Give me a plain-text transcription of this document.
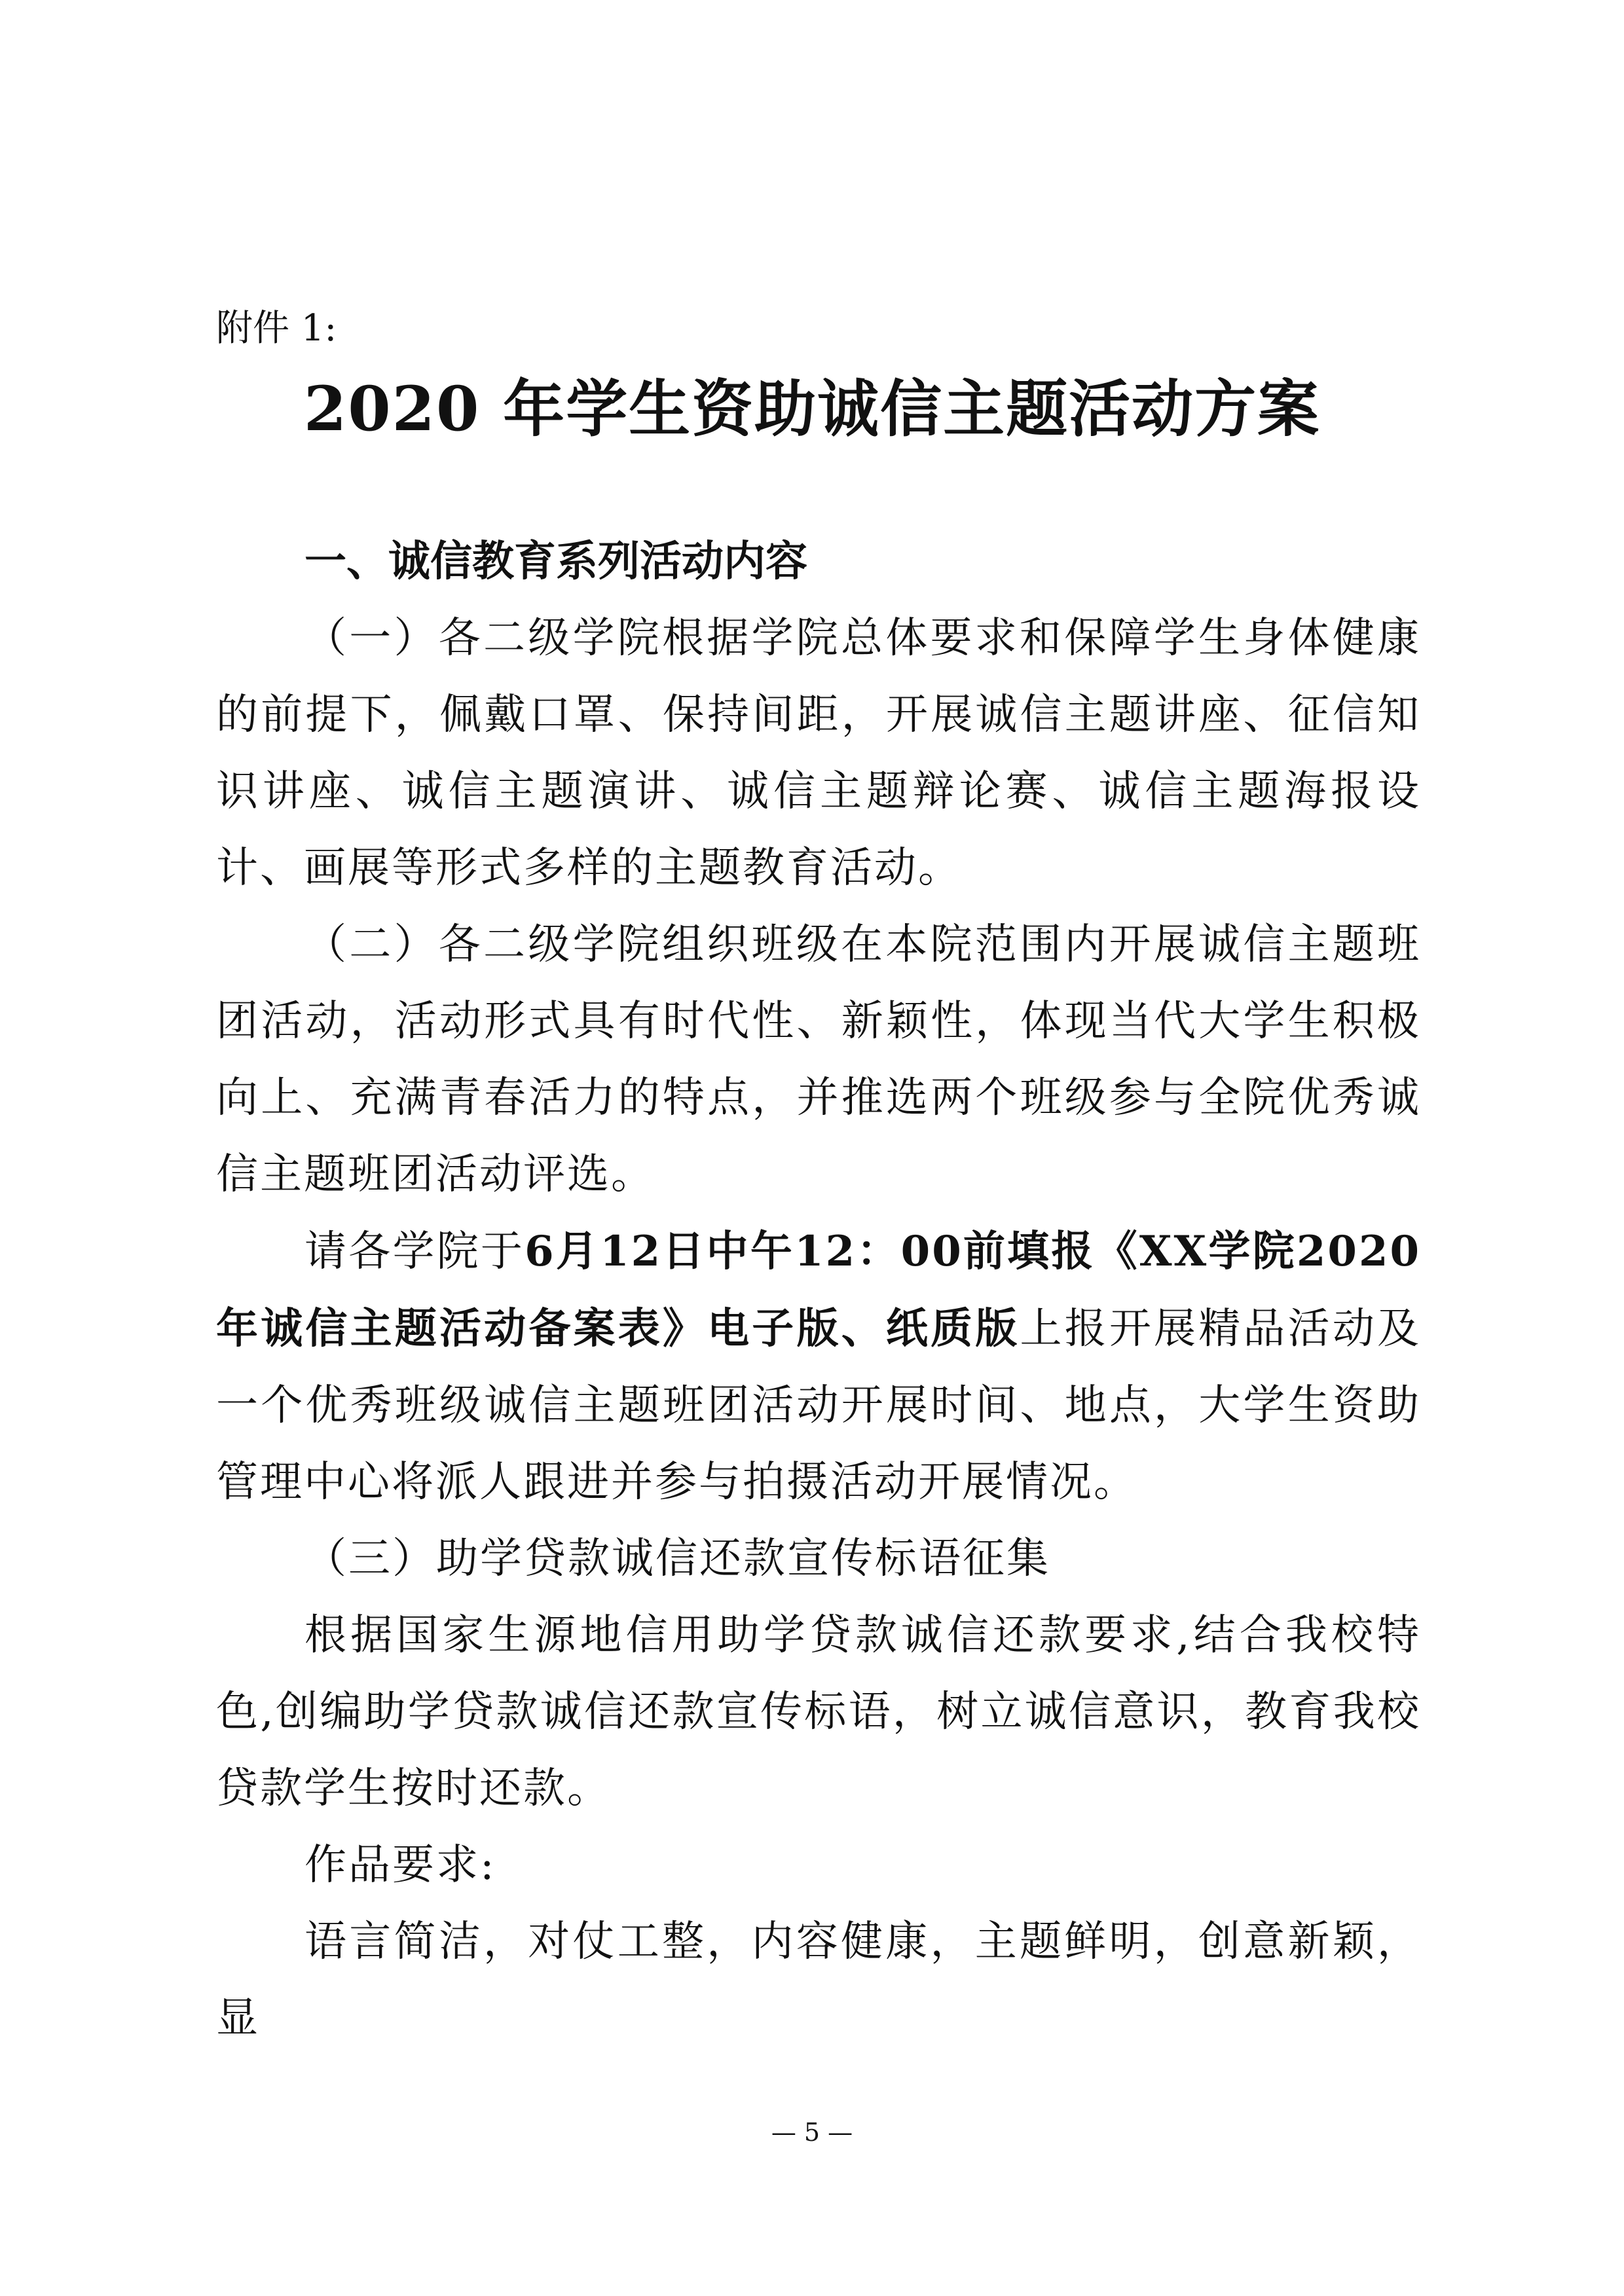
附件 1:
2020 年学生资助诚信主题活动方案

一、诚信教育系列活动内容

（一）各二级学院根据学院总体要求和保障学生身体健康的前提下，佩戴口罩、保持间距，开展诚信主题讲座、征信知识讲座、诚信主题演讲、诚信主题辩论赛、诚信主题海报设计、画展等形式多样的主题教育活动。

（二）各二级学院组织班级在本院范围内开展诚信主题班团活动，活动形式具有时代性、新颖性，体现当代大学生积极向上、充满青春活力的特点，并推选两个班级参与全院优秀诚信主题班团活动评选。

请各学院于6月12日中午12：00前填报《XX学院2020年诚信主题活动备案表》电子版、纸质版上报开展精品活动及一个优秀班级诚信主题班团活动开展时间、地点，大学生资助管理中心将派人跟进并参与拍摄活动开展情况。

（三）助学贷款诚信还款宣传标语征集

根据国家生源地信用助学贷款诚信还款要求,结合我校特色,创编助学贷款诚信还款宣传标语，树立诚信意识，教育我校贷款学生按时还款。

作品要求:

语言简洁，对仗工整，内容健康，主题鲜明，创意新颖，显

— 5 —
